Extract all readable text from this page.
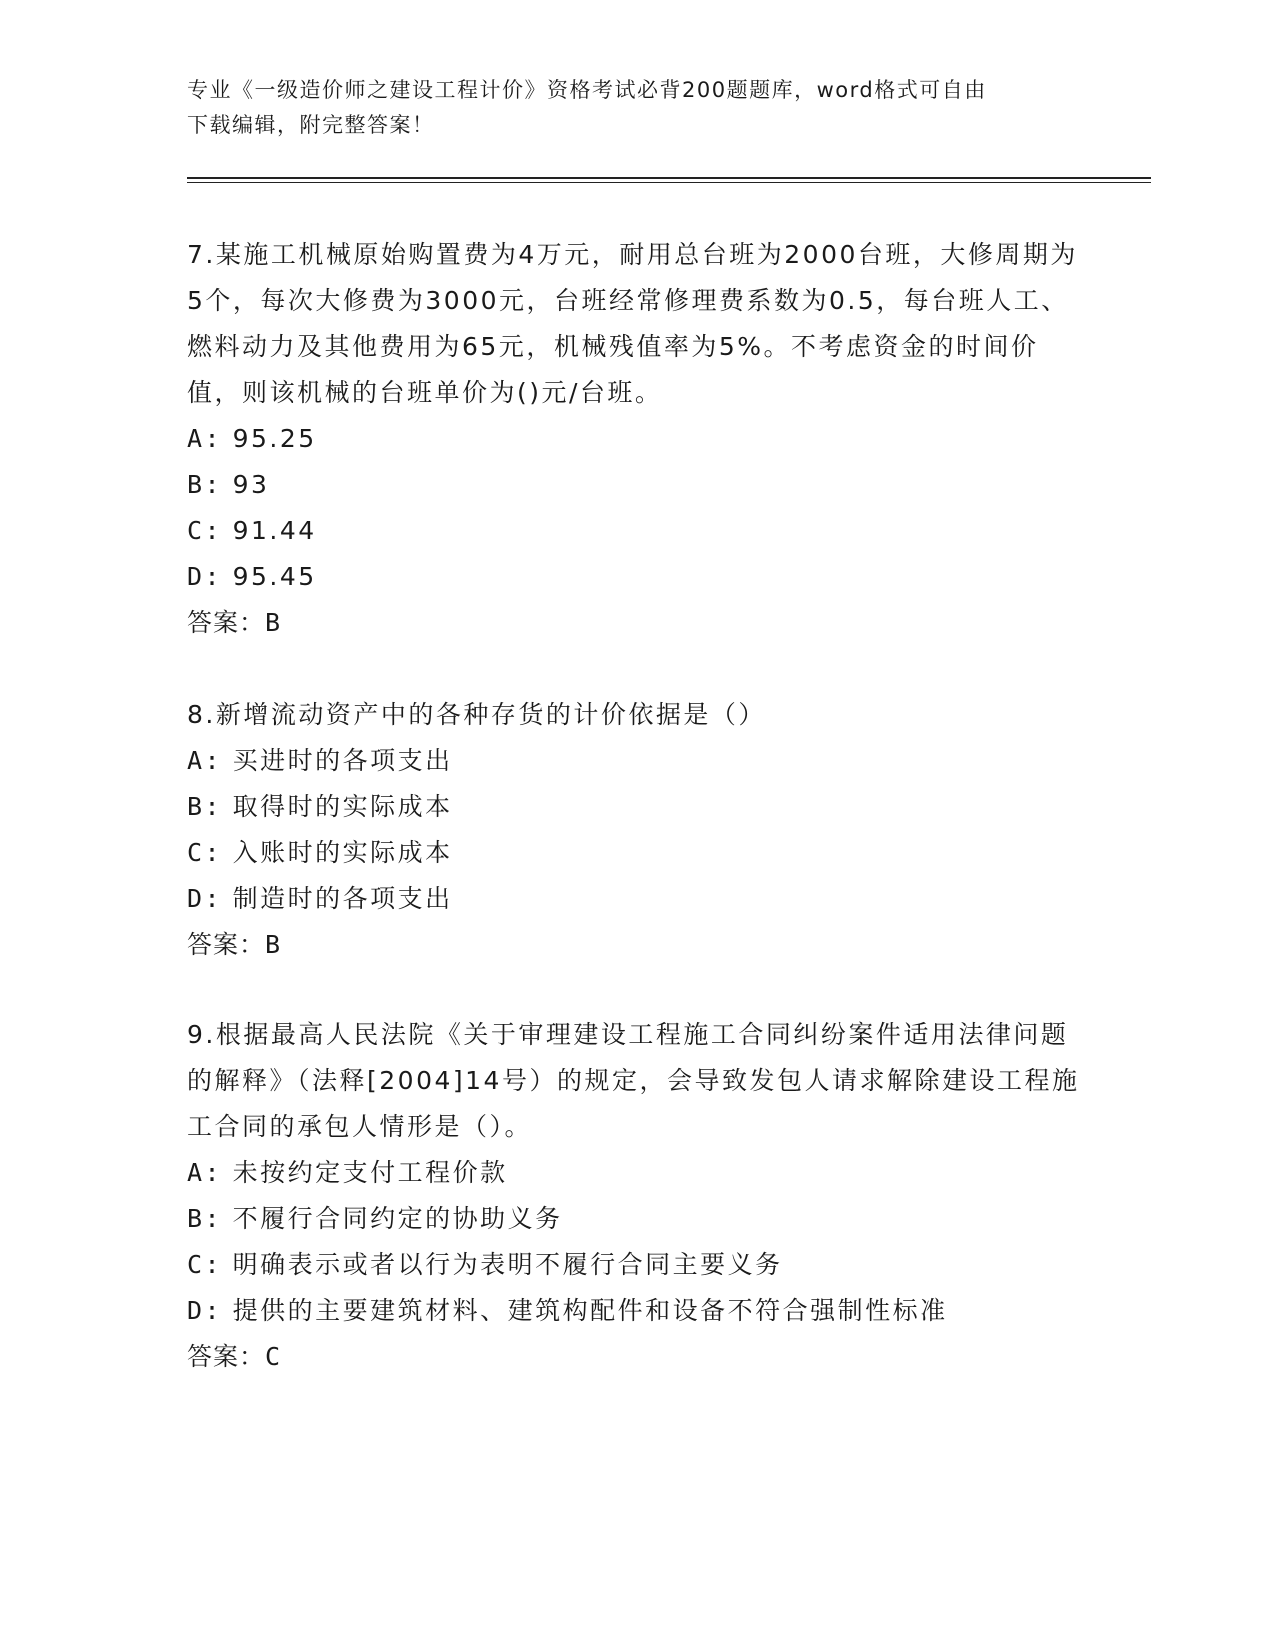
专业《一级造价师之建设工程计价》资格考试必背200题题库，word格式可自由
下载编辑，附完整答案！

7.某施工机械原始购置费为4万元，耐用总台班为2000台班，大修周期为5个，每次大修费为3000元，台班经常修理费系数为0.5，每台班人工、燃料动力及其他费用为65元，机械残值率为5%。不考虑资金的时间价值，则该机械的台班单价为()元/台班。

A: 95.25
B: 93
C: 91.44
D: 95.45
答案：B

8.新增流动资产中的各种存货的计价依据是（）

A: 买进时的各项支出
B: 取得时的实际成本
C: 入账时的实际成本
D: 制造时的各项支出
答案：B

9.根据最高人民法院《关于审理建设工程施工合同纠纷案件适用法律问题的解释》（法释[2004]14号）的规定，会导致发包人请求解除建设工程施工合同的承包人情形是（）。

A: 未按约定支付工程价款
B: 不履行合同约定的协助义务
C: 明确表示或者以行为表明不履行合同主要义务
D: 提供的主要建筑材料、建筑构配件和设备不符合强制性标准
答案：C
